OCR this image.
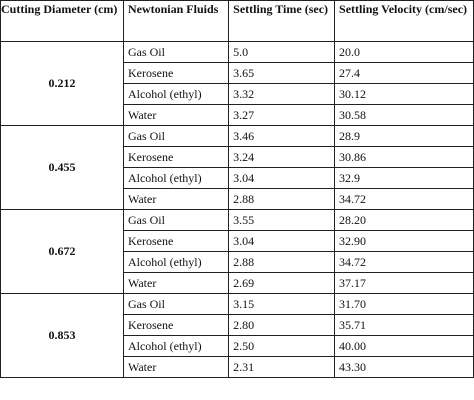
Cutting Diameter (cm)	Newtonian Fluids	Settling Time (sec)	Settling Velocity (cm/sec)
0.212	Gas Oil	5.0	20.0
	Kerosene	3.65	27.4
	Alcohol (ethyl)	3.32	30.12
	Water	3.27	30.58
0.455	Gas Oil	3.46	28.9
	Kerosene	3.24	30.86
	Alcohol (ethyl)	3.04	32.9
	Water	2.88	34.72
0.672	Gas Oil	3.55	28.20
	Kerosene	3.04	32.90
	Alcohol (ethyl)	2.88	34.72
	Water	2.69	37.17
0.853	Gas Oil	3.15	31.70
	Kerosene	2.80	35.71
	Alcohol (ethyl)	2.50	40.00
	Water	2.31	43.30
